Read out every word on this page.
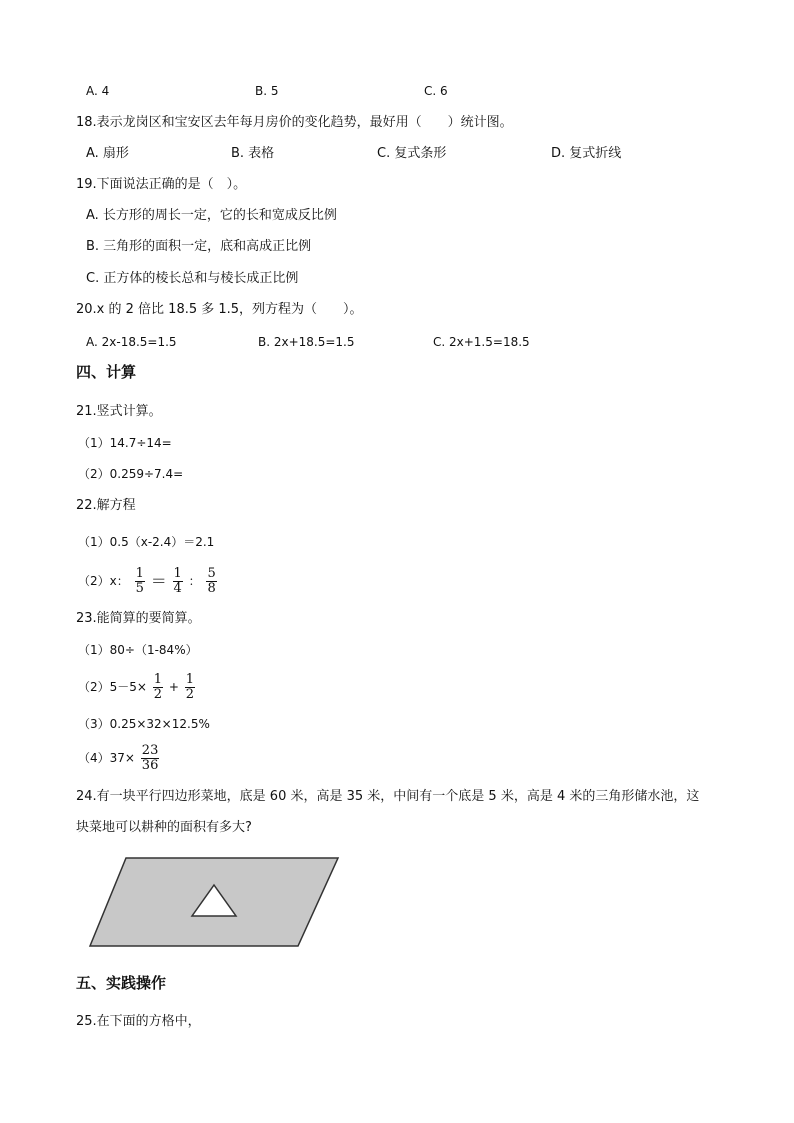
A. 4	B. 5	C. 6
18.表示龙岗区和宝安区去年每月房价的变化趋势，最好用（　　）统计图。
A. 扇形	B. 表格	C. 复式条形	D. 复式折线
19.下面说法正确的是（　）。
A. 长方形的周长一定，它的长和宽成反比例
B. 三角形的面积一定，底和高成正比例
C. 正方体的棱长总和与棱长成正比例
20.x 的 2 倍比 18.5 多 1.5，列方程为（　　）。
A. 2x-18.5=1.5	B. 2x+18.5=1.5	C. 2x+1.5=18.5
四、计算
21.竖式计算。
（1）14.7÷14=
（2）0.259÷7.4=
22.解方程
（1）0.5（x-2.4）＝2.1
（2）x： $\frac{1}{5} = \frac{1}{4}$ ： $\frac{5}{8}$
23.能简算的要简算。
（1）80÷（1-84%）
$(2)5-5\times \frac{1}{2} + \frac{1}{2}$
（3）0.25×32×12.5%
$(4)37\times \frac{23}{36}$
24.有一块平行四边形菜地，底是 60 米，高是 35 米，中间有一个底是 5 米，高是 4 米的三角形储水池，这
块菜地可以耕种的面积有多大?
五、实践操作
25.在下面的方格中，
